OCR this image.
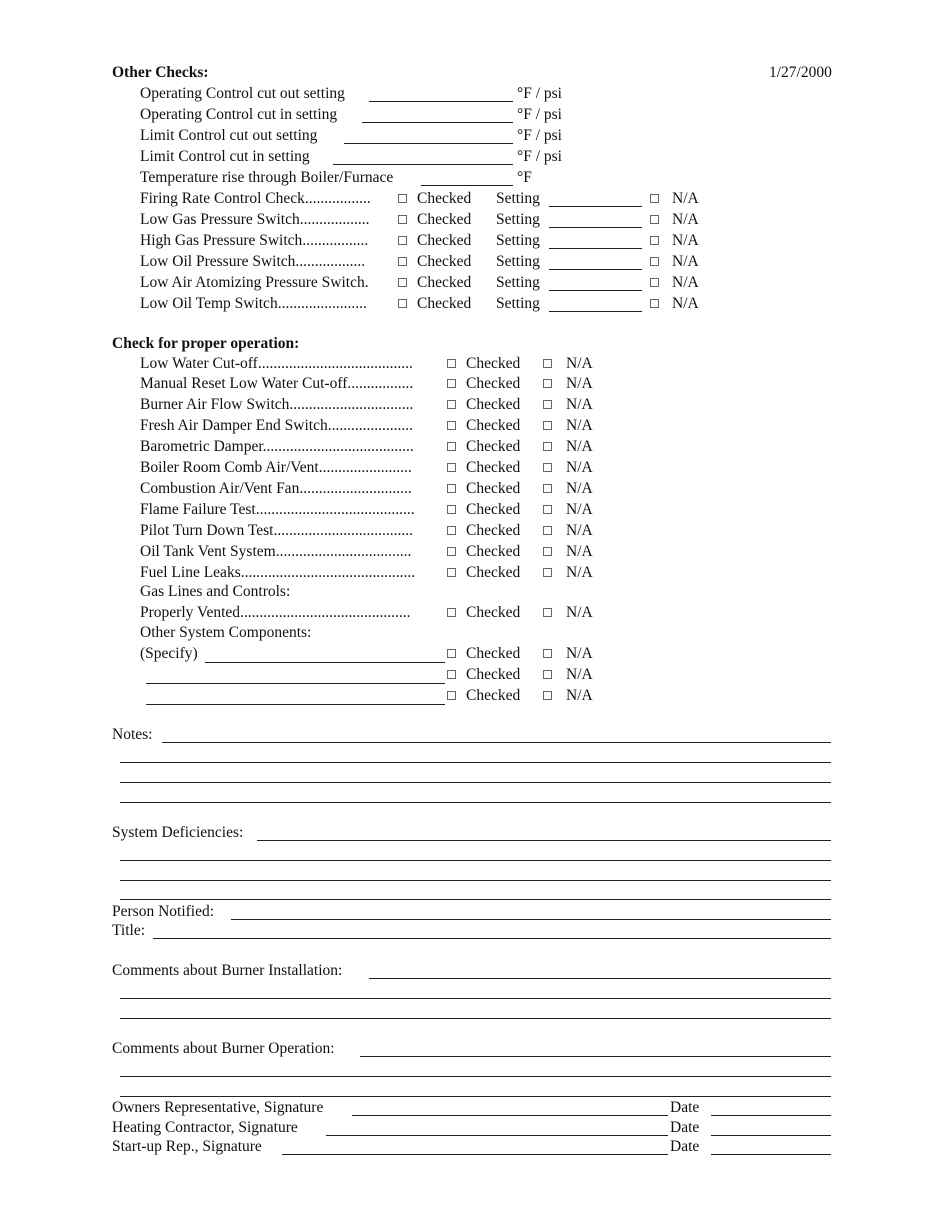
Other Checks:	1/27/2000
Operating Control cut out setting	°F / psi
Operating Control cut in setting	°F / psi
Limit Control cut out setting	°F / psi
Limit Control cut in setting	°F / psi
Temperature rise through Boiler/Furnace	°F
Firing Rate Control Check.................	Checked Setting	N/A
Low Gas Pressure Switch..................	Checked Setting	N/A
High Gas Pressure Switch.................	Checked Setting	N/A
Low Oil Pressure Switch..................	Checked Setting	N/A
Low Air Atomizing Pressure Switch.	Checked Setting	N/A
Low Oil Temp Switch.......................	Checked Setting	N/A
Check for proper operation:
Low Water Cut-off........................................	Checked	N/A
Manual Reset Low Water Cut-off.................	Checked	N/A
Burner Air Flow Switch................................	Checked	N/A
Fresh Air Damper End Switch......................	Checked	N/A
Barometric Damper.......................................	Checked	N/A
Boiler Room Comb Air/Vent........................	Checked	N/A
Combustion Air/Vent Fan.............................	Checked	N/A
Flame Failure Test.........................................	Checked	N/A
Pilot Turn Down Test....................................	Checked	N/A
Oil Tank Vent System...................................	Checked	N/A
Fuel Line Leaks.............................................	Checked	N/A
Gas Lines and Controls:
Properly Vented............................................	Checked	N/A
Other System Components:
(Specify)	Checked	N/A
Checked	N/A
Checked	N/A
Notes:
System Deficiencies:
Person Notified:
Title:
Comments about Burner Installation:
Comments about Burner Operation:
Owners Representative, Signature	Date
Heating Contractor, Signature	Date
Start-up Rep., Signature	Date
